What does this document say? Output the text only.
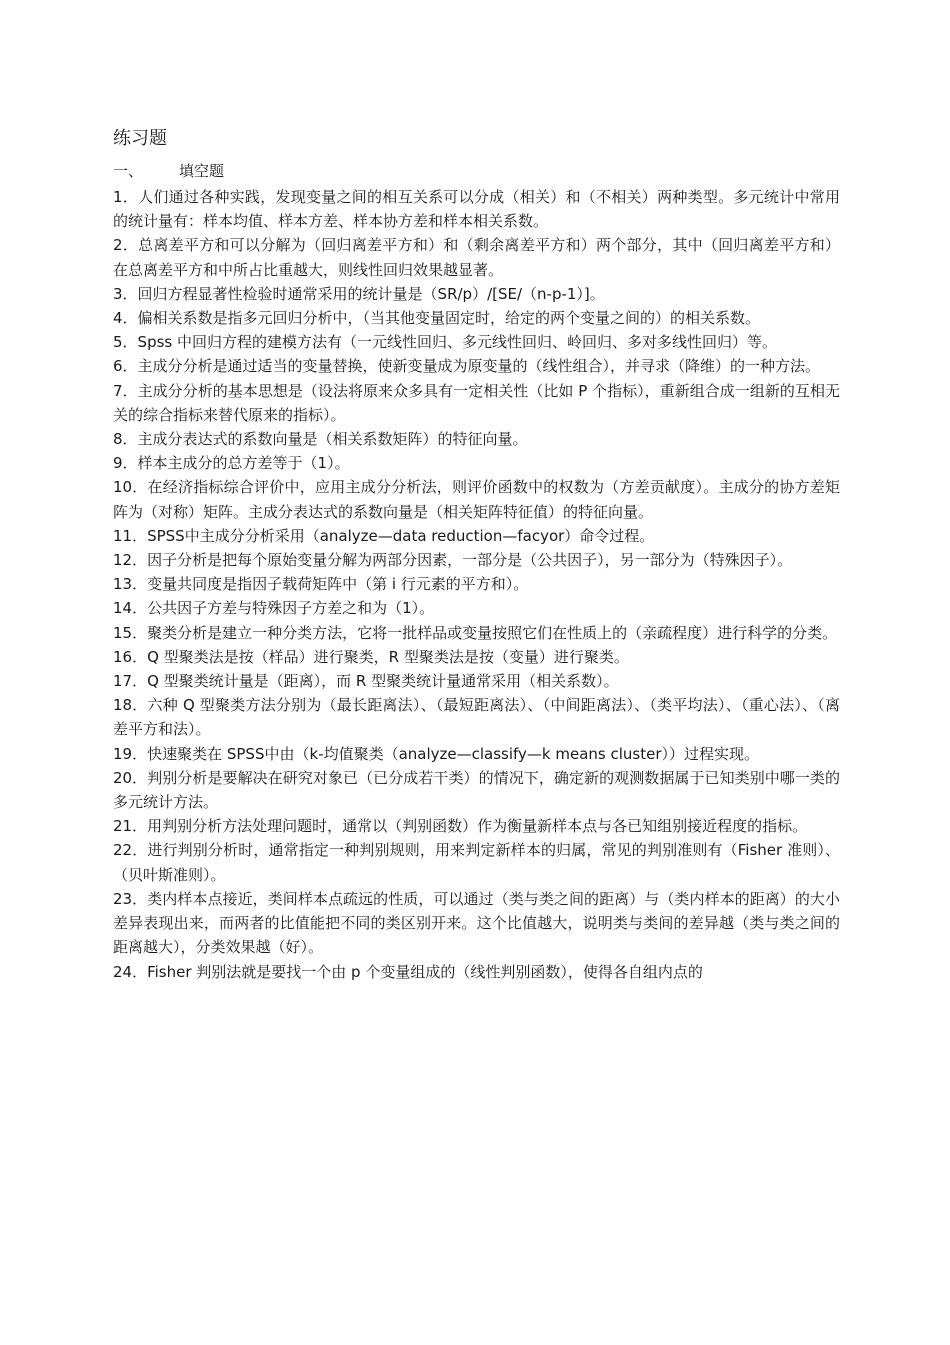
练习题
一、 填空题

1．人们通过各种实践，发现变量之间的相互关系可以分成（相关）和（不相关）两种类型。多元统计中常用的统计量有：样本均值、样本方差、样本协方差和样本相关系数。

2．总离差平方和可以分解为（回归离差平方和）和（剩余离差平方和）两个部分，其中（回归离差平方和）在总离差平方和中所占比重越大，则线性回归效果越显著。

3．回归方程显著性检验时通常采用的统计量是（SR/p）/[SE/（n-p-1）]。

4．偏相关系数是指多元回归分析中，（当其他变量固定时，给定的两个变量之间的）的相关系数。

5．Spss 中回归方程的建模方法有（一元线性回归、多元线性回归、岭回归、多对多线性回归）等。

6．主成分分析是通过适当的变量替换，使新变量成为原变量的（线性组合），并寻求（降维）的一种方法。

7．主成分分析的基本思想是（设法将原来众多具有一定相关性（比如 P 个指标），重新组合成一组新的互相无关的综合指标来替代原来的指标）。

8．主成分表达式的系数向量是（相关系数矩阵）的特征向量。

9．样本主成分的总方差等于（1）。

10．在经济指标综合评价中，应用主成分分析法，则评价函数中的权数为（方差贡献度）。主成分的协方差矩阵为（对称）矩阵。主成分表达式的系数向量是（相关矩阵特征值）的特征向量。

11．SPSS中主成分分析采用（analyze—data reduction—facyor）命令过程。

12．因子分析是把每个原始变量分解为两部分因素，一部分是（公共因子），另一部分为（特殊因子）。

13．变量共同度是指因子载荷矩阵中（第 i 行元素的平方和）。

14．公共因子方差与特殊因子方差之和为（1）。

15．聚类分析是建立一种分类方法，它将一批样品或变量按照它们在性质上的（亲疏程度）进行科学的分类。

16．Q 型聚类法是按（样品）进行聚类，R 型聚类法是按（变量）进行聚类。

17．Q 型聚类统计量是（距离），而 R 型聚类统计量通常采用（相关系数）。

18．六种 Q 型聚类方法分别为（最长距离法）、（最短距离法）、（中间距离法）、（类平均法）、（重心法）、（离差平方和法）。

19．快速聚类在 SPSS中由（k-均值聚类（analyze—classify—k means cluster））过程实现。

20．判别分析是要解决在研究对象已（已分成若干类）的情况下，确定新的观测数据属于已知类别中哪一类的多元统计方法。

21．用判别分析方法处理问题时，通常以（判别函数）作为衡量新样本点与各已知组别接近程度的指标。

22．进行判别分析时，通常指定一种判别规则，用来判定新样本的归属，常见的判别准则有（Fisher 准则）、（贝叶斯准则）。

23．类内样本点接近，类间样本点疏远的性质，可以通过（类与类之间的距离）与（类内样本的距离）的大小差异表现出来，而两者的比值能把不同的类区别开来。这个比值越大，说明类与类间的差异越（类与类之间的距离越大），分类效果越（好）。

24．Fisher 判别法就是要找一个由 p 个变量组成的（线性判别函数），使得各自组内点的
